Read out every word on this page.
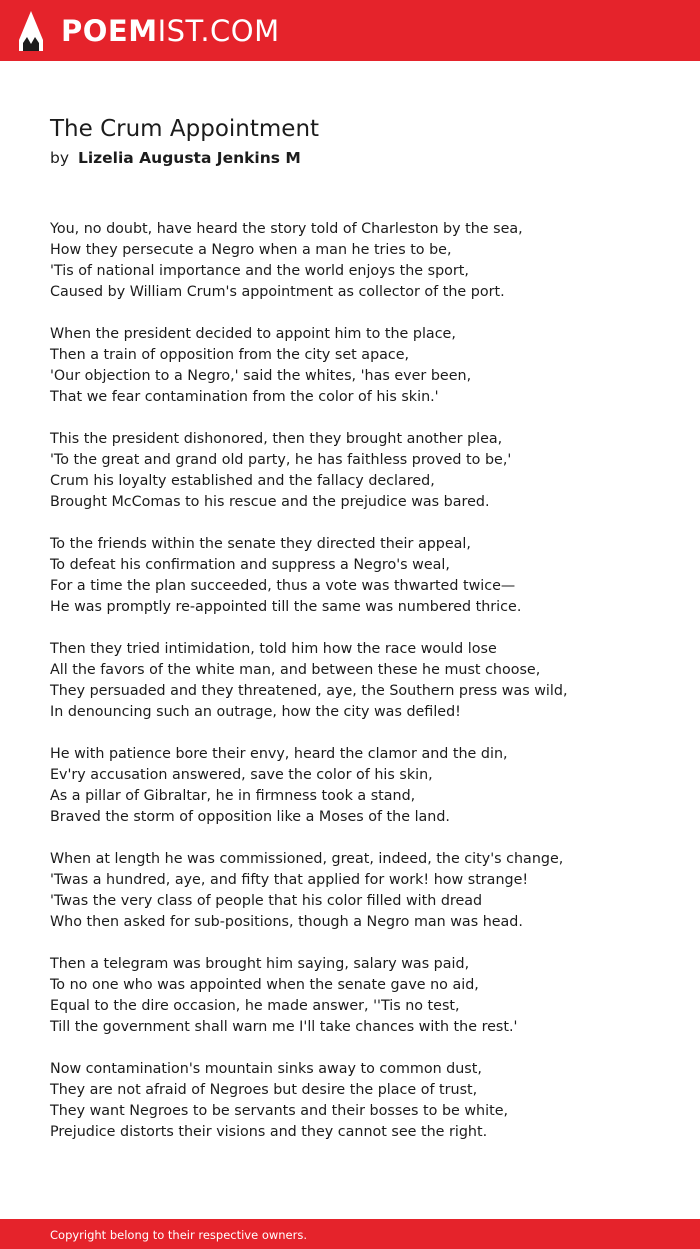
POEMIST.COM
The Crum Appointment
by Lizelia Augusta Jenkins M
You, no doubt, have heard the story told of Charleston by the sea,
How they persecute a Negro when a man he tries to be,
'Tis of national importance and the world enjoys the sport,
Caused by William Crum's appointment as collector of the port.
When the president decided to appoint him to the place,
Then a train of opposition from the city set apace,
'Our objection to a Negro,' said the whites, 'has ever been,
That we fear contamination from the color of his skin.'
This the president dishonored, then they brought another plea,
'To the great and grand old party, he has faithless proved to be,'
Crum his loyalty established and the fallacy declared,
Brought McComas to his rescue and the prejudice was bared.
To the friends within the senate they directed their appeal,
To defeat his confirmation and suppress a Negro's weal,
For a time the plan succeeded, thus a vote was thwarted twice—
He was promptly re-appointed till the same was numbered thrice.
Then they tried intimidation, told him how the race would lose
All the favors of the white man, and between these he must choose,
They persuaded and they threatened, aye, the Southern press was wild,
In denouncing such an outrage, how the city was defiled!
He with patience bore their envy, heard the clamor and the din,
Ev'ry accusation answered, save the color of his skin,
As a pillar of Gibraltar, he in firmness took a stand,
Braved the storm of opposition like a Moses of the land.
When at length he was commissioned, great, indeed, the city's change,
'Twas a hundred, aye, and fifty that applied for work! how strange!
'Twas the very class of people that his color filled with dread
Who then asked for sub-positions, though a Negro man was head.
Then a telegram was brought him saying, salary was paid,
To no one who was appointed when the senate gave no aid,
Equal to the dire occasion, he made answer, ''Tis no test,
Till the government shall warn me I'll take chances with the rest.'
Now contamination's mountain sinks away to common dust,
They are not afraid of Negroes but desire the place of trust,
They want Negroes to be servants and their bosses to be white,
Prejudice distorts their visions and they cannot see the right.
Copyright belong to their respective owners.
